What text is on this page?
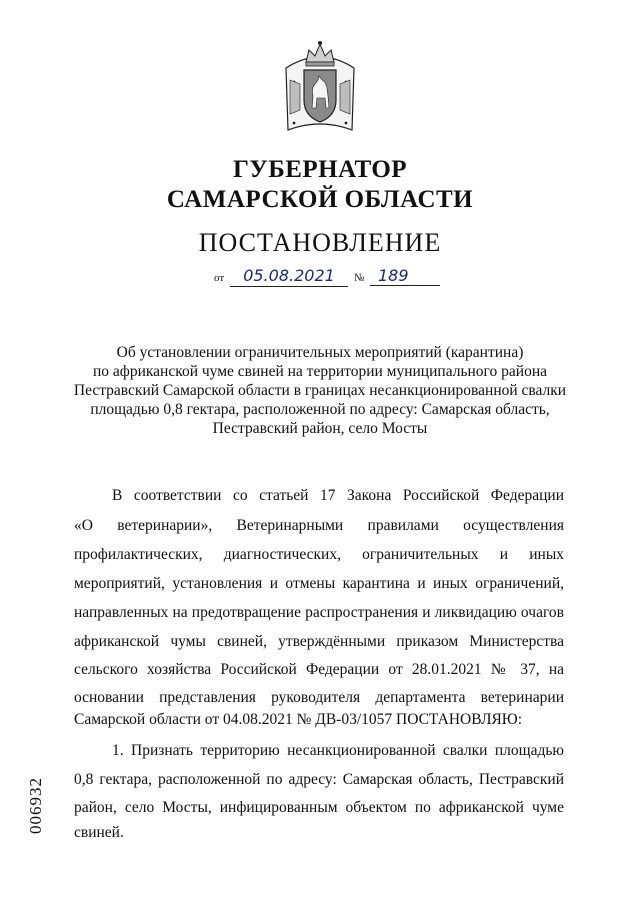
ГУБЕРНАТОР
САМАРСКОЙ ОБЛАСТИ
ПОСТАНОВЛЕНИЕ
от	05.08.2021	№ 189
Об установлении ограничительных мероприятий (карантина)
по африканской чуме свиней на территории муниципального района
Пестравский Самарской области в границах несанкционированной свалки
площадью 0,8 гектара, расположенной по адресу: Самарская область,
Пестравский район, село Мосты
В соответствии со статьей 17 Закона Российской Федерации
«О ветеринарии», Ветеринарными правилами осуществления
профилактических, диагностических, ограничительных и иных
мероприятий, установления и отмены карантина и иных ограничений,
направленных на предотвращение распространения и ликвидацию очагов
африканской чумы свиней, утверждёнными приказом Министерства
сельского хозяйства Российской Федерации от 28.01.2021 № 37, на
основании представления руководителя департамента ветеринарии
Самарской области от 04.08.2021 № ДВ-03/1057 ПОСТАНОВЛЯЮ:
1. Признать территорию несанкционированной свалки площадью
0,8 гектара, расположенной по адресу: Самарская область, Пестравский
район, село Мосты, инфицированным объектом по африканской чуме
свиней.
006932
